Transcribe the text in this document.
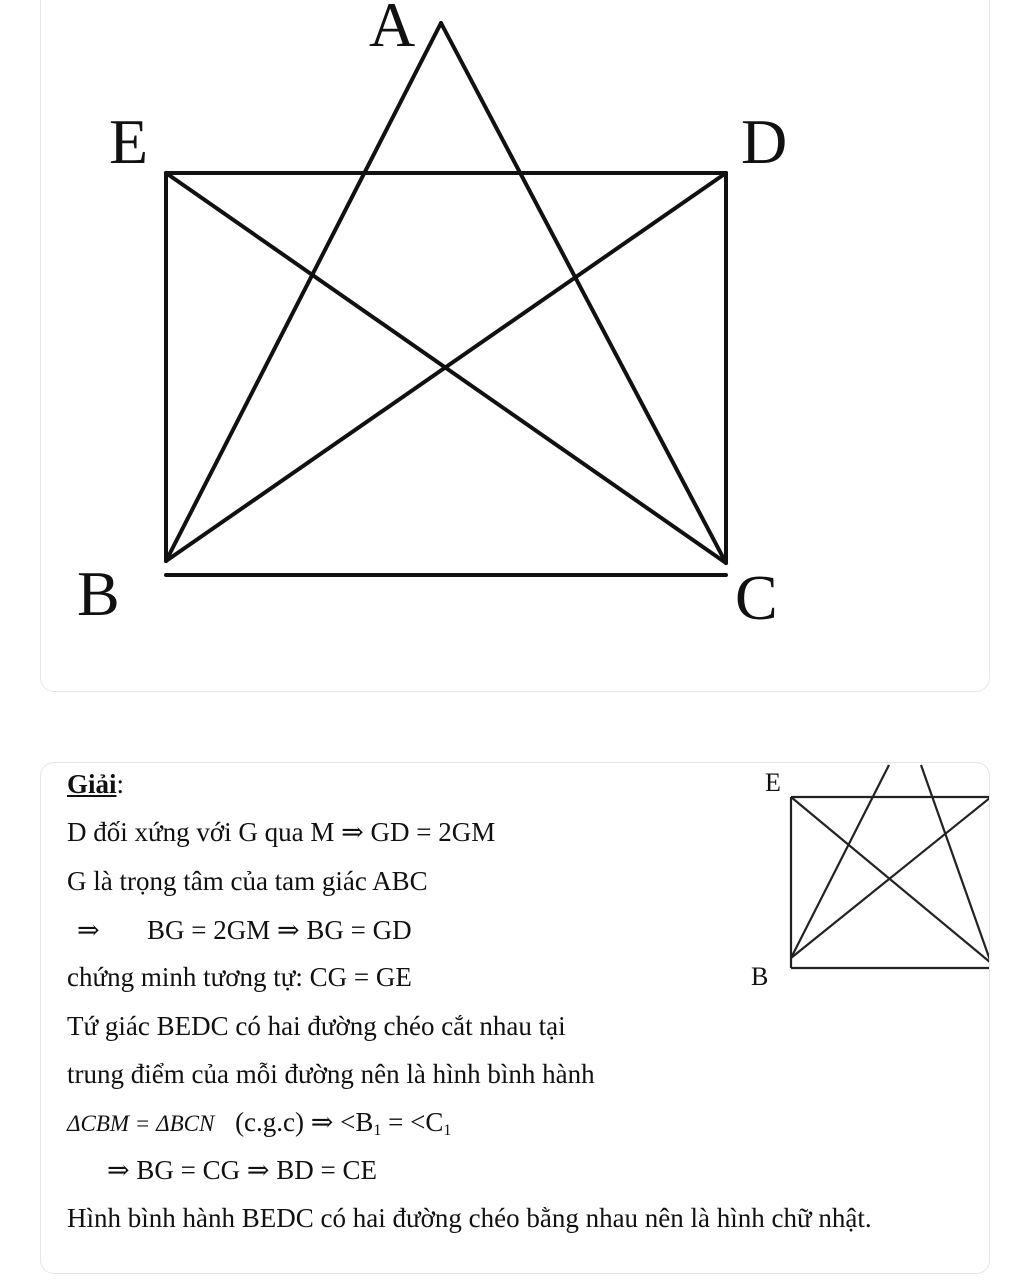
A
E	D
B	C
E
B
Giải:
D đối xứng với G qua M ⇒ GD = 2GM
G là trọng tâm của tam giác ABC
⇒ BG = 2GM ⇒ BG = GD
chứng minh tương tự: CG = GE
Tứ giác BEDC có hai đường chéo cắt nhau tại
trung điểm của mỗi đường nên là hình bình hành
ΔCBM = ΔBCN (c.g.c) ⇒ $<B_1 = <C_1$
⇒ BG = CG ⇒ BD = CE
Hình bình hành BEDC có hai đường chéo bằng nhau nên là hình chữ nhật.
